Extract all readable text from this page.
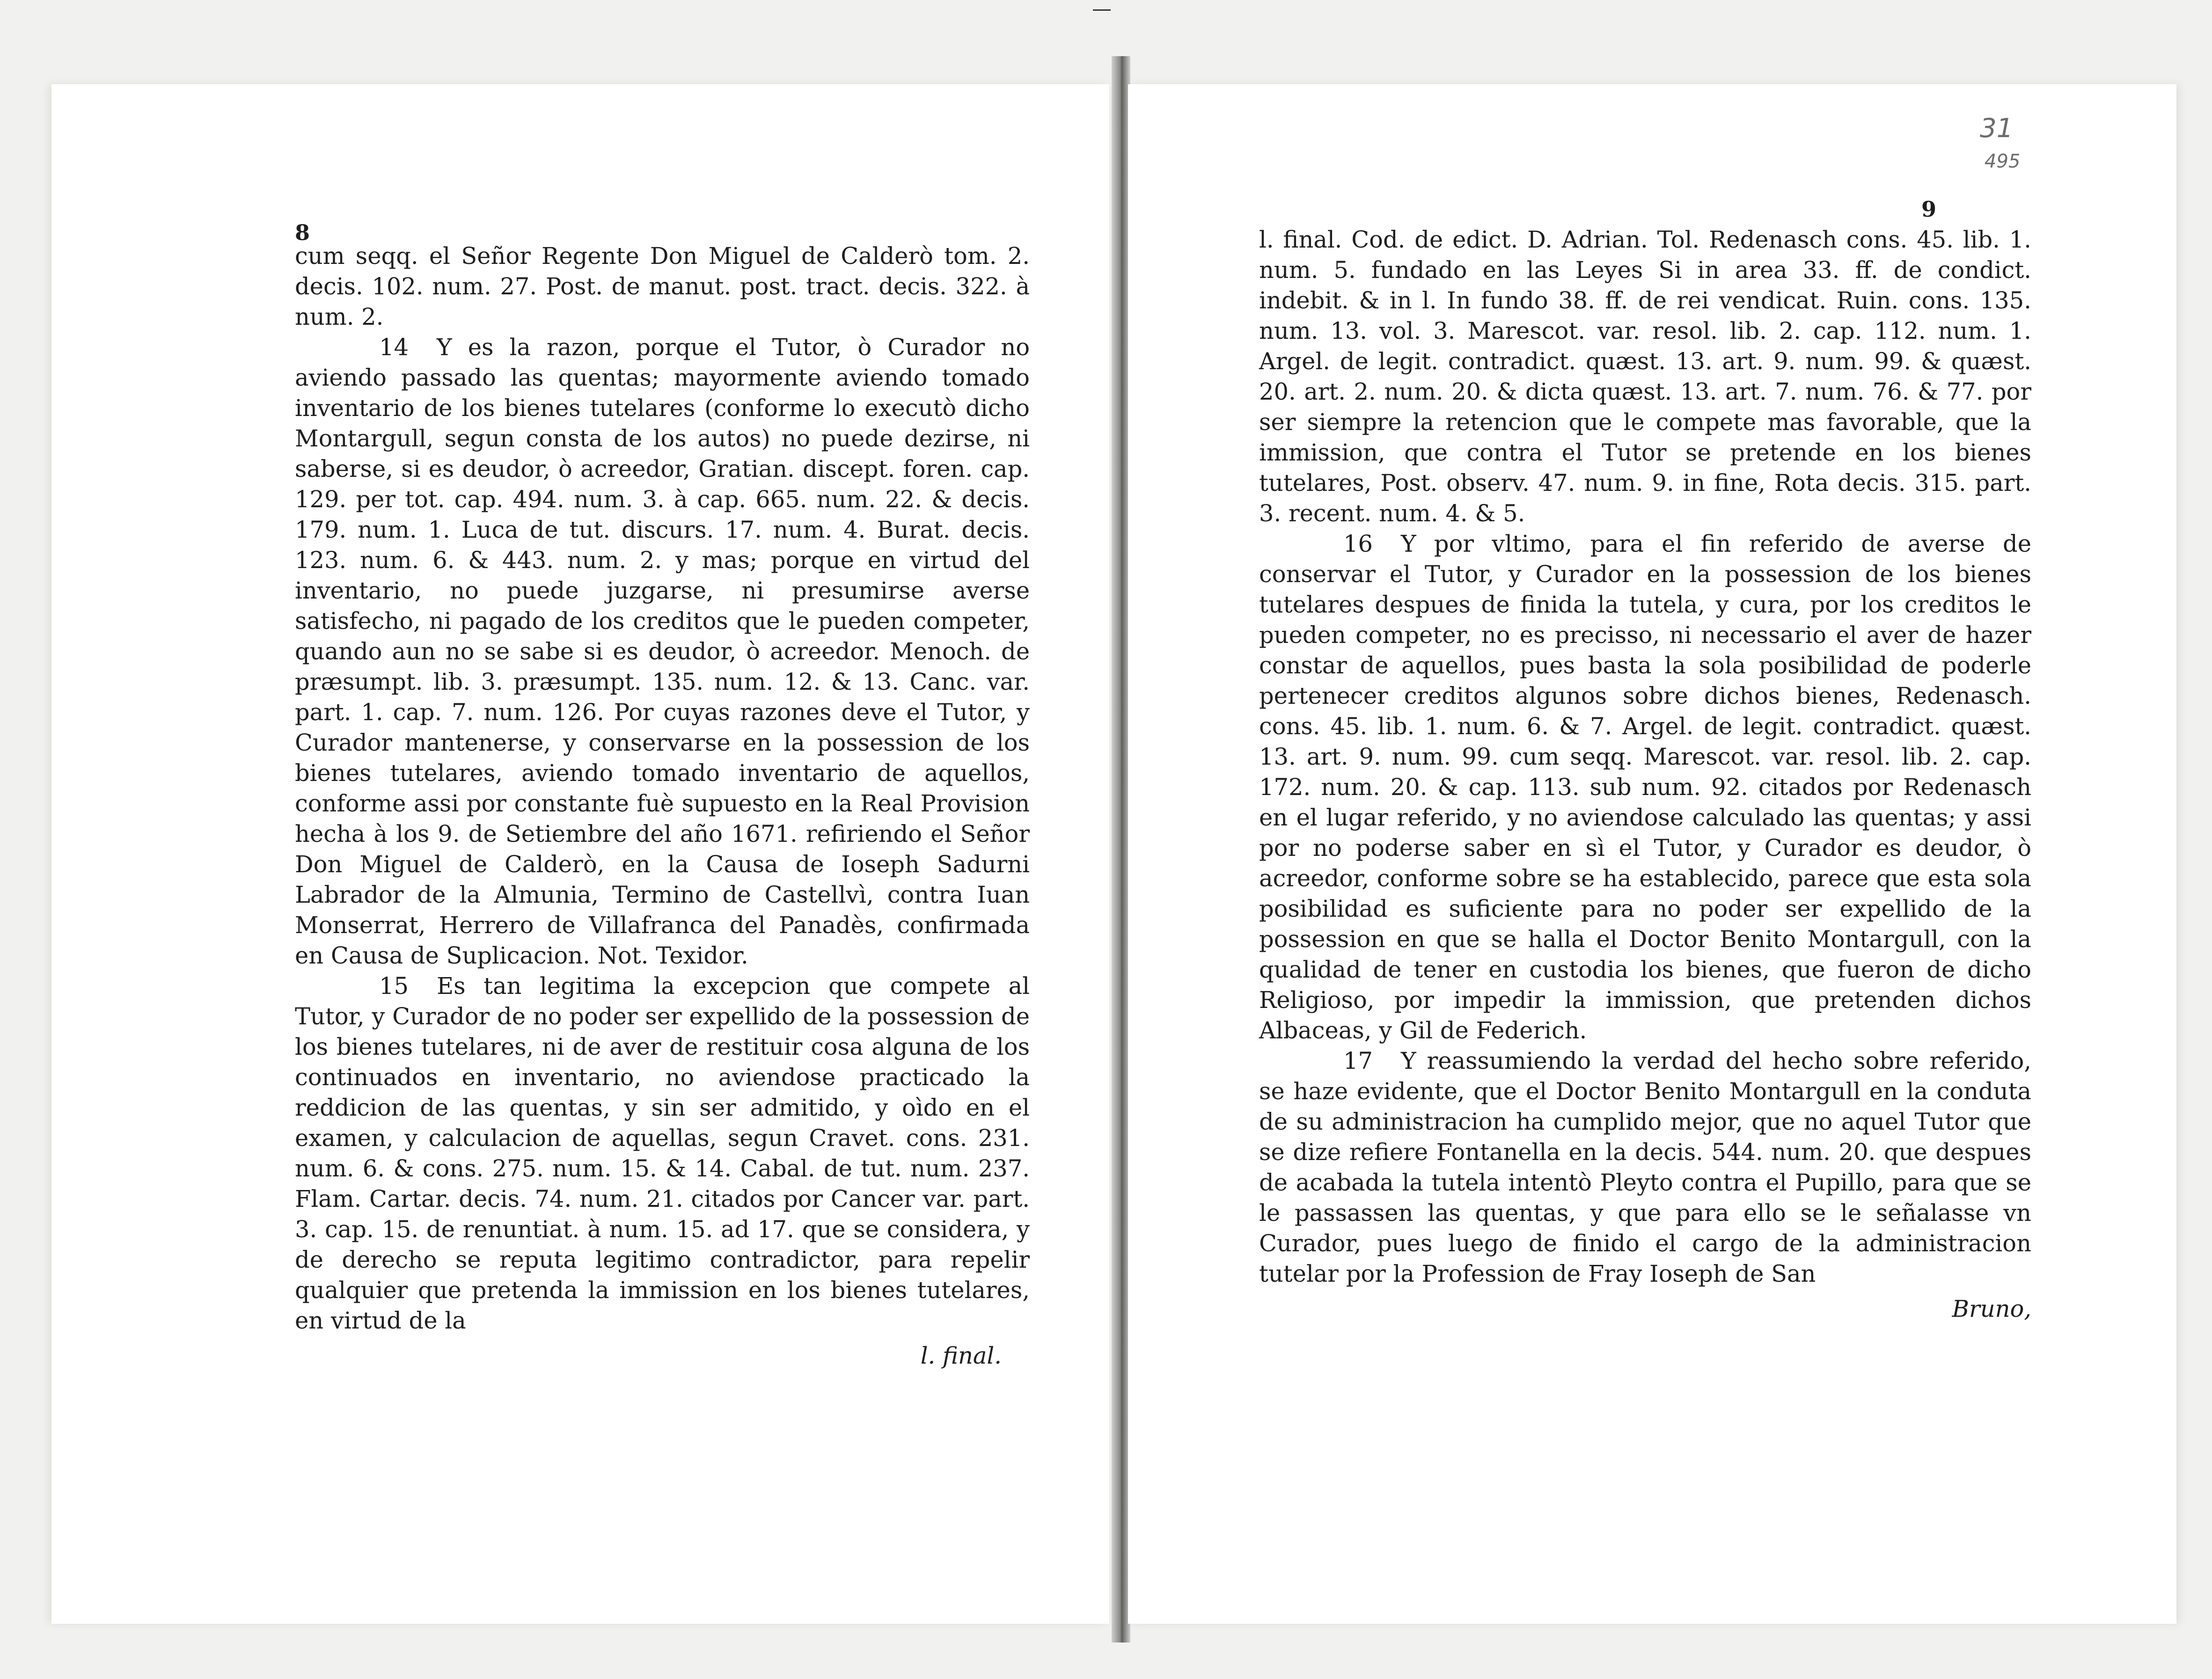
8

cum seqq. el Señor Regente Don Miguel de Calderò tom. 2. decis. 102. num. 27. Post. de manut. post. tract. decis. 322. à num. 2.

14 Y es la razon, porque el Tutor, ò Curador no aviendo passado las quentas; mayormente aviendo tomado inventario de los bienes tutelares (conforme lo executò dicho Montargull, segun consta de los autos) no puede dezirse, ni saberse, si es deudor, ò acreedor, Gratian. discept. foren. cap. 129. per tot. cap. 494. num. 3. à cap. 665. num. 22. & decis. 179. num. 1. Luca de tut. discurs. 17. num. 4. Burat. decis. 123. num. 6. & 443. num. 2. y mas; porque en virtud del inventario, no puede juzgarse, ni presumirse averse satisfecho, ni pagado de los creditos que le pueden competer, quando aun no se sabe si es deudor, ò acreedor. Menoch. de præsumpt. lib. 3. præsumpt. 135. num. 12. & 13. Canc. var. part. 1. cap. 7. num. 126. Por cuyas razones deve el Tutor, y Curador mantenerse, y conservarse en la possession de los bienes tutelares, aviendo tomado inventario de aquellos, conforme assi por constante fuè supuesto en la Real Provision hecha à los 9. de Setiembre del año 1671. refiriendo el Señor Don Miguel de Calderò, en la Causa de Ioseph Sadurni Labrador de la Almunia, Termino de Castellvì, contra Iuan Monserrat, Herrero de Villafranca del Panadès, confirmada en Causa de Suplicacion. Not. Texidor.

15 Es tan legitima la excepcion que compete al Tutor, y Curador de no poder ser expellido de la possession de los bienes tutelares, ni de aver de restituir cosa alguna de los continuados en inventario, no aviendose practicado la reddicion de las quentas, y sin ser admitido, y oìdo en el examen, y calculacion de aquellas, segun Cravet. cons. 231. num. 6. & cons. 275. num. 15. & 14. Cabal. de tut. num. 237. Flam. Cartar. decis. 74. num. 21. citados por Cancer var. part. 3. cap. 15. de renuntiat. à num. 15. ad 17. que se considera, y de derecho se reputa legitimo contradictor, para repelir qualquier que pretenda la immission en los bienes tutelares, en virtud de la

l. final.
31
495
9

l. final. Cod. de edict. D. Adrian. Tol. Redenasch cons. 45. lib. 1. num. 5. fundado en las Leyes Si in area 33. ff. de condict. indebit. & in l. In fundo 38. ff. de rei vendicat. Ruin. cons. 135. num. 13. vol. 3. Marescot. var. resol. lib. 2. cap. 112. num. 1. Argel. de legit. contradict. quæst. 13. art. 9. num. 99. & quæst. 20. art. 2. num. 20. & dicta quæst. 13. art. 7. num. 76. & 77. por ser siempre la retencion que le compete mas favorable, que la immission, que contra el Tutor se pretende en los bienes tutelares, Post. observ. 47. num. 9. in fine, Rota decis. 315. part. 3. recent. num. 4. & 5.

16 Y por vltimo, para el fin referido de averse de conservar el Tutor, y Curador en la possession de los bienes tutelares despues de finida la tutela, y cura, por los creditos le pueden competer, no es precisso, ni necessario el aver de hazer constar de aquellos, pues basta la sola posibilidad de poderle pertenecer creditos algunos sobre dichos bienes, Redenasch. cons. 45. lib. 1. num. 6. & 7. Argel. de legit. contradict. quæst. 13. art. 9. num. 99. cum seqq. Marescot. var. resol. lib. 2. cap. 172. num. 20. & cap. 113. sub num. 92. citados por Redenasch en el lugar referido, y no aviendose calculado las quentas; y assi por no poderse saber en sì el Tutor, y Curador es deudor, ò acreedor, conforme sobre se ha establecido, parece que esta sola posibilidad es suficiente para no poder ser expellido de la possession en que se halla el Doctor Benito Montargull, con la qualidad de tener en custodia los bienes, que fueron de dicho Religioso, por impedir la immission, que pretenden dichos Albaceas, y Gil de Federich.

17 Y reassumiendo la verdad del hecho sobre referido, se haze evidente, que el Doctor Benito Montargull en la conduta de su administracion ha cumplido mejor, que no aquel Tutor que se dize refiere Fontanella en la decis. 544. num. 20. que despues de acabada la tutela intentò Pleyto contra el Pupillo, para que se le passassen las quentas, y que para ello se le señalasse vn Curador, pues luego de finido el cargo de la administracion tutelar por la Profession de Fray Ioseph de San

Bruno,
